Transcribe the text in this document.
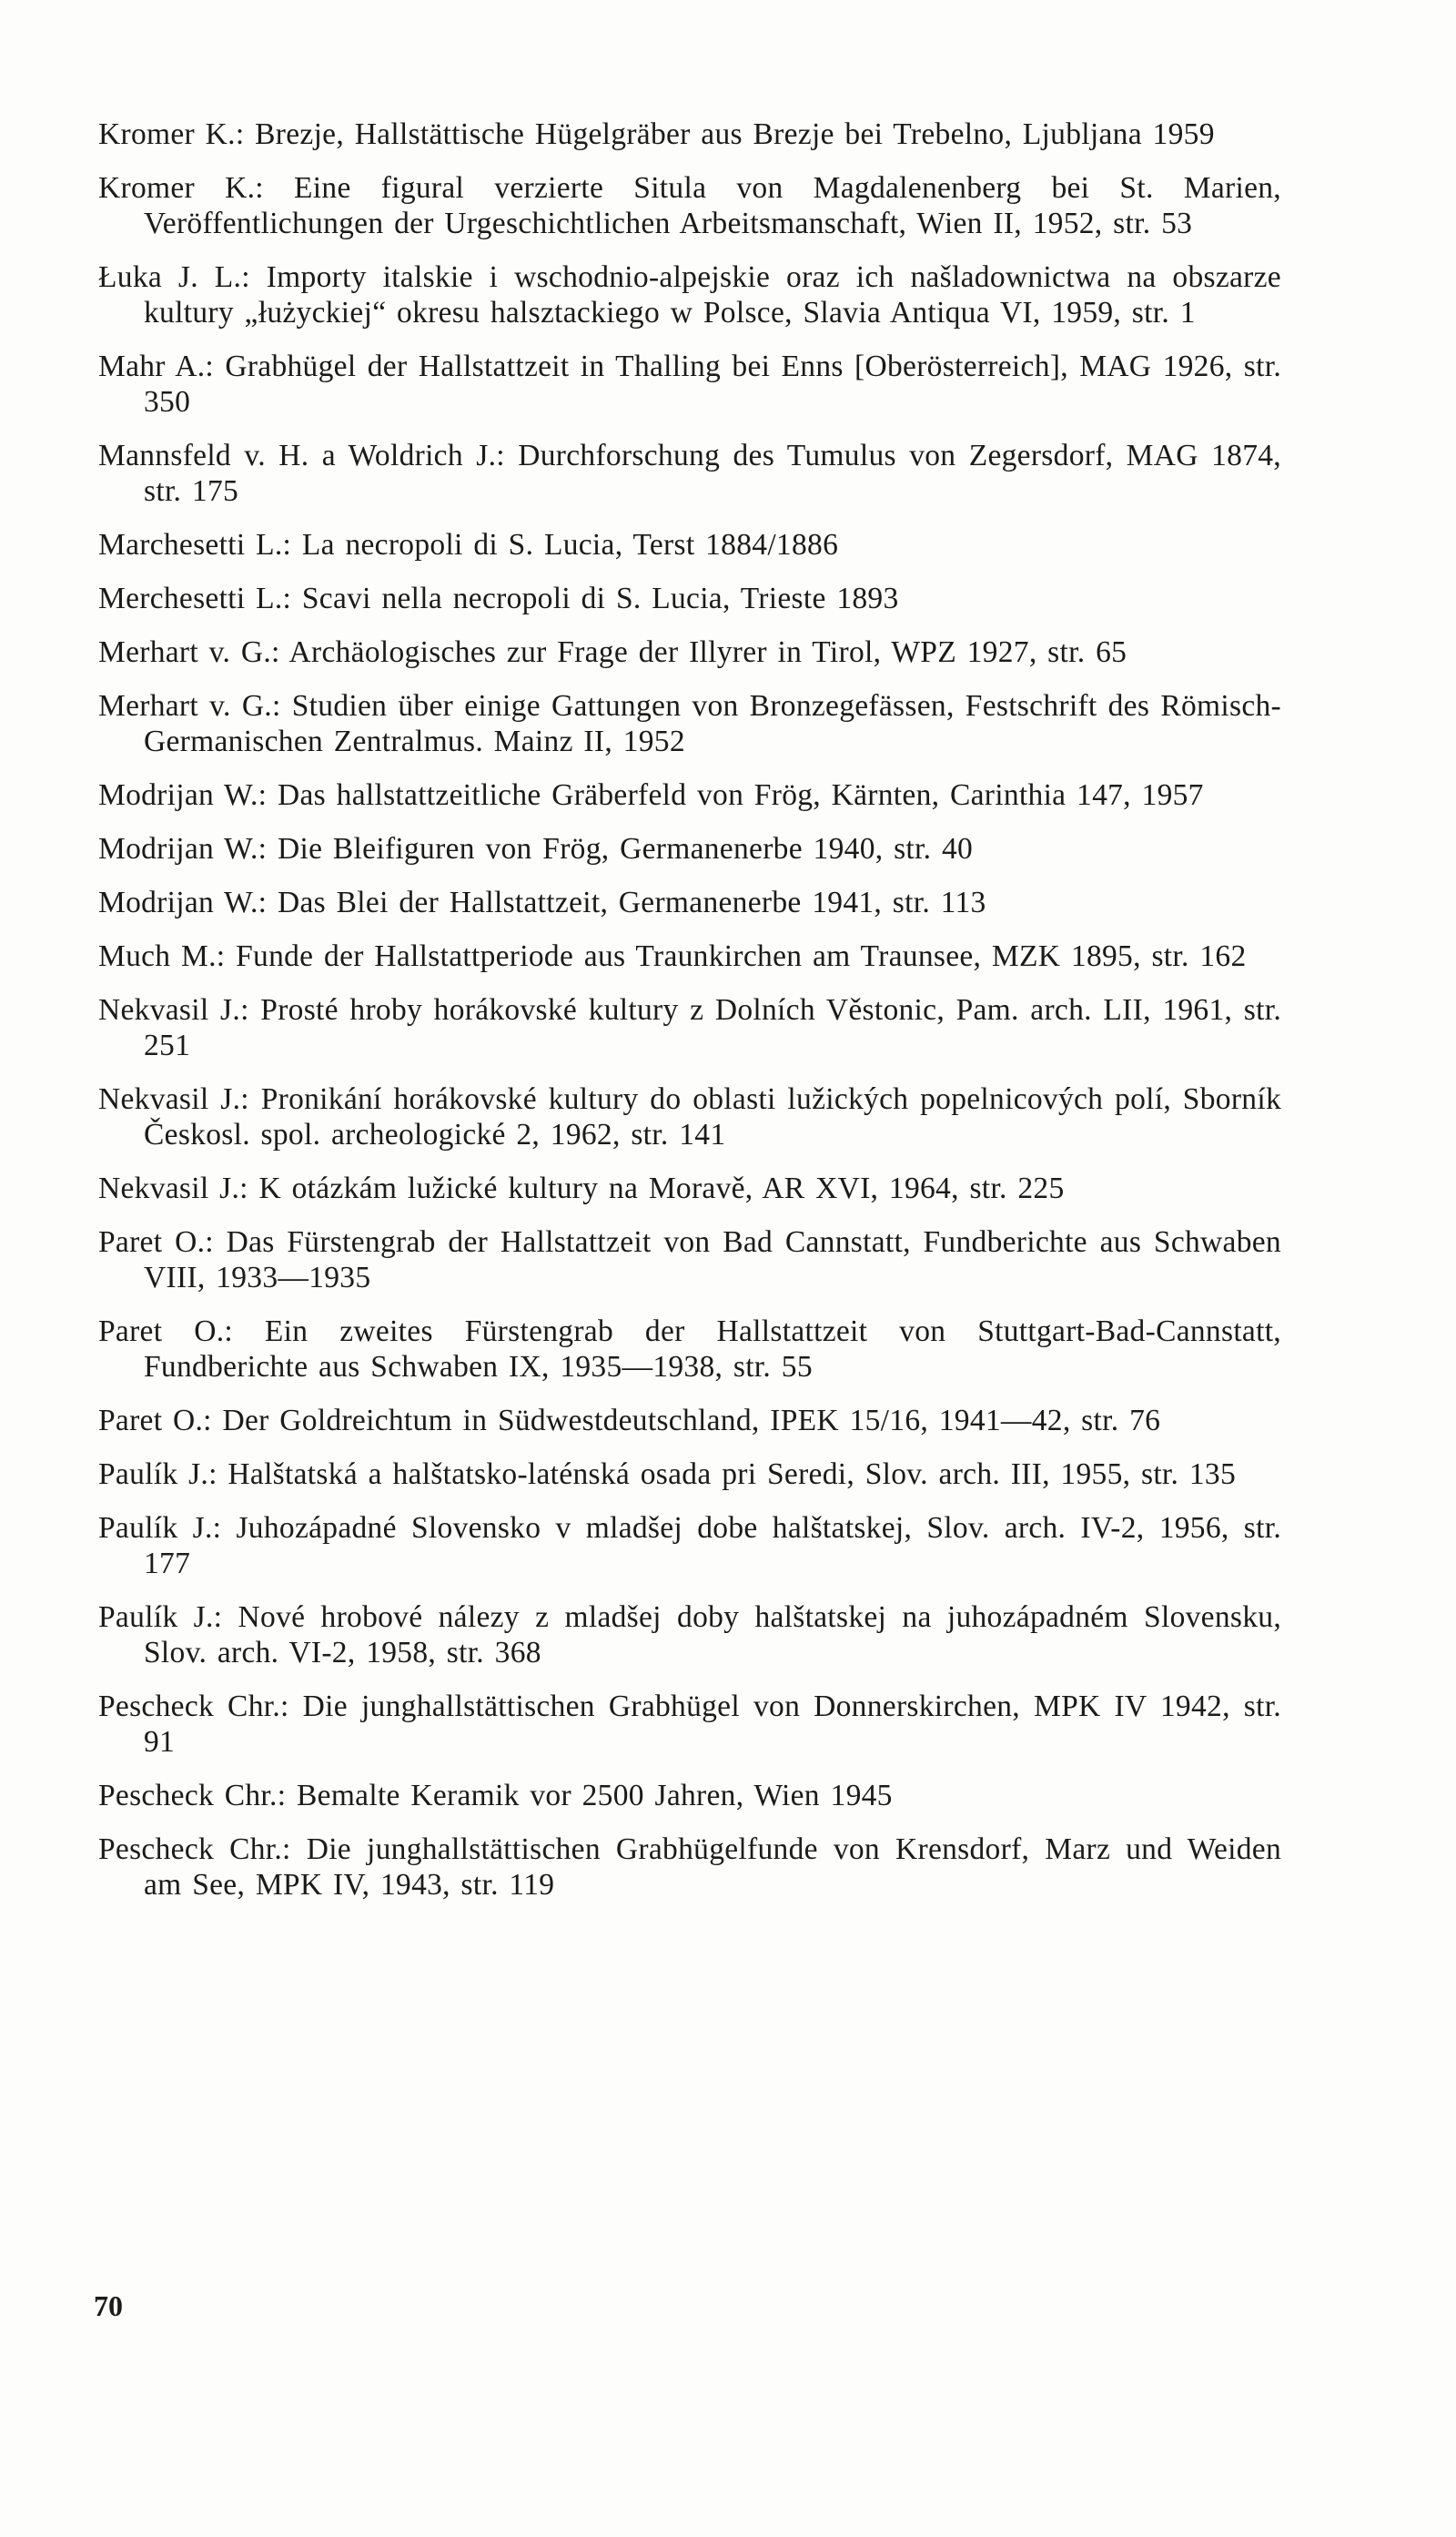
Kromer K.: Brezje, Hallstättische Hügelgräber aus Brezje bei Trebelno, Ljubljana 1959
Kromer K.: Eine figural verzierte Situla von Magdalenenberg bei St. Marien, Veröffentlichungen der Urgeschichtlichen Arbeitsmanschaft, Wien II, 1952, str. 53
Łuka J. L.: Importy italskie i wschodnio-alpejskie oraz ich našladownictwa na obszarze kultury „łużyckiej“ okresu halsztackiego w Polsce, Slavia Antiqua VI, 1959, str. 1
Mahr A.: Grabhügel der Hallstattzeit in Thalling bei Enns [Oberösterreich], MAG 1926, str. 350
Mannsfeld v. H. a Woldrich J.: Durchforschung des Tumulus von Zegersdorf, MAG 1874, str. 175
Marchesetti L.: La necropoli di S. Lucia, Terst 1884/1886
Merchesetti L.: Scavi nella necropoli di S. Lucia, Trieste 1893
Merhart v. G.: Archäologisches zur Frage der Illyrer in Tirol, WPZ 1927, str. 65
Merhart v. G.: Studien über einige Gattungen von Bronzegefässen, Festschrift des Römisch-Germanischen Zentralmus. Mainz II, 1952
Modrijan W.: Das hallstattzeitliche Gräberfeld von Frög, Kärnten, Carinthia 147, 1957
Modrijan W.: Die Bleifiguren von Frög, Germanenerbe 1940, str. 40
Modrijan W.: Das Blei der Hallstattzeit, Germanenerbe 1941, str. 113
Much M.: Funde der Hallstattperiode aus Traunkirchen am Traunsee, MZK 1895, str. 162
Nekvasil J.: Prosté hroby horákovské kultury z Dolních Věstonic, Pam. arch. LII, 1961, str. 251
Nekvasil J.: Pronikání horákovské kultury do oblasti lužických popelnicových polí, Sborník Českosl. spol. archeologické 2, 1962, str. 141
Nekvasil J.: K otázkám lužické kultury na Moravě, AR XVI, 1964, str. 225
Paret O.: Das Fürstengrab der Hallstattzeit von Bad Cannstatt, Fundberichte aus Schwaben VIII, 1933—1935
Paret O.: Ein zweites Fürstengrab der Hallstattzeit von Stuttgart-Bad-Cannstatt, Fundberichte aus Schwaben IX, 1935—1938, str. 55
Paret O.: Der Goldreichtum in Südwestdeutschland, IPEK 15/16, 1941—42, str. 76
Paulík J.: Halštatská a halštatsko-laténská osada pri Seredi, Slov. arch. III, 1955, str. 135
Paulík J.: Juhozápadné Slovensko v mladšej dobe halštatskej, Slov. arch. IV-2, 1956, str. 177
Paulík J.: Nové hrobové nálezy z mladšej doby halštatskej na juhozápadném Slovensku, Slov. arch. VI-2, 1958, str. 368
Pescheck Chr.: Die junghallstättischen Grabhügel von Donnerskirchen, MPK IV 1942, str. 91
Pescheck Chr.: Bemalte Keramik vor 2500 Jahren, Wien 1945
Pescheck Chr.: Die junghallstättischen Grabhügelfunde von Krensdorf, Marz und Weiden am See, MPK IV, 1943, str. 119
70
